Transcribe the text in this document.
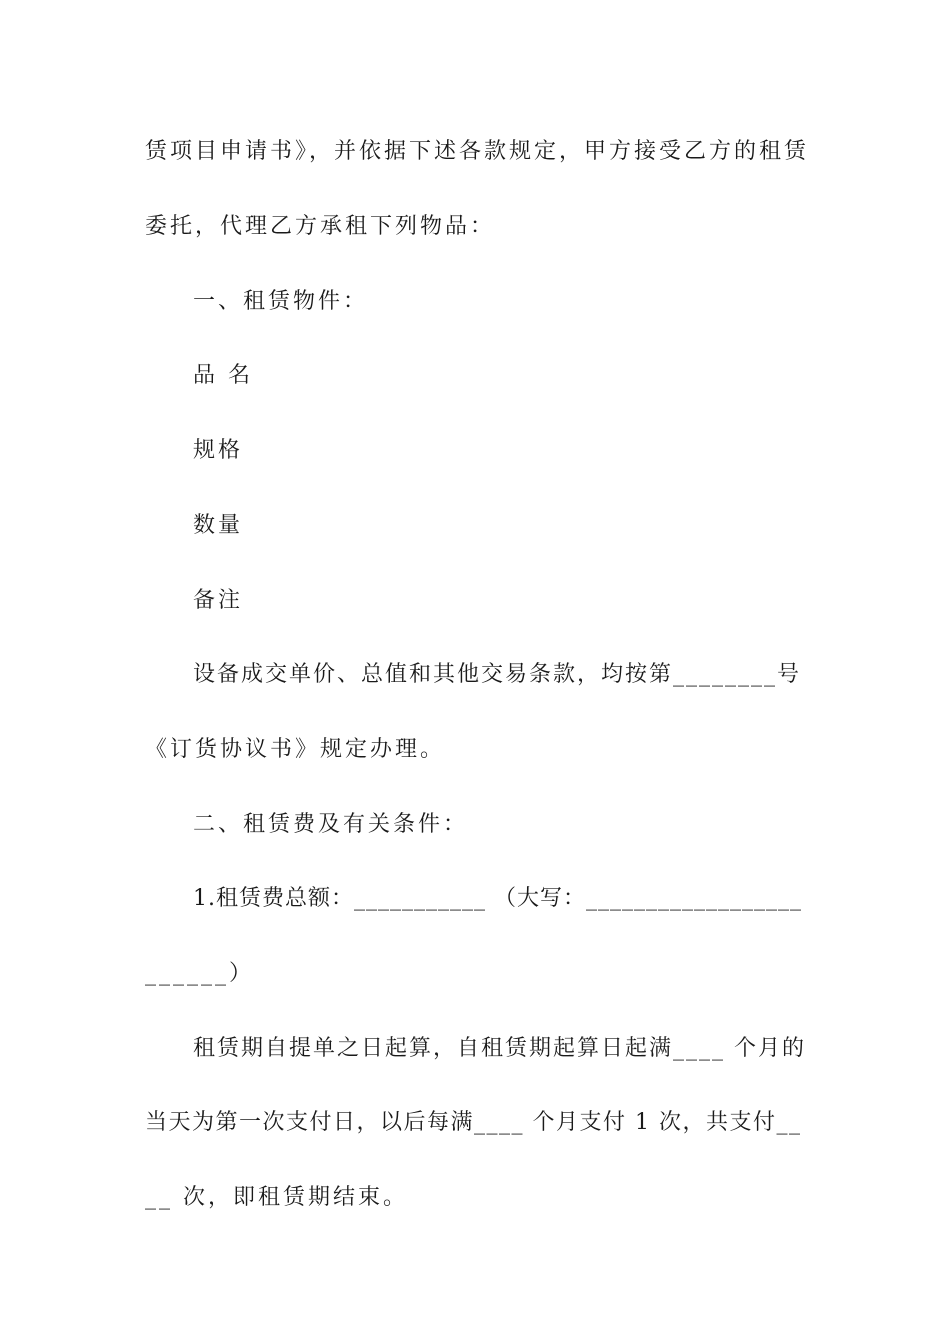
赁项目申请书》，并依据下述各款规定，甲方接受乙方的租赁
委托，代理乙方承租下列物品：
一、租赁物件：
品 名
规格
数量
备注
设备成交单价、总值和其他交易条款，均按第________号
《订货协议书》规定办理。
二、租赁费及有关条件：
1.租赁费总额：___________ （大写：__________________
______）
租赁期自提单之日起算，自租赁期起算日起满____ 个月的
当天为第一次支付日，以后每满____ 个月支付 1 次，共支付__
__ 次，即租赁期结束。
